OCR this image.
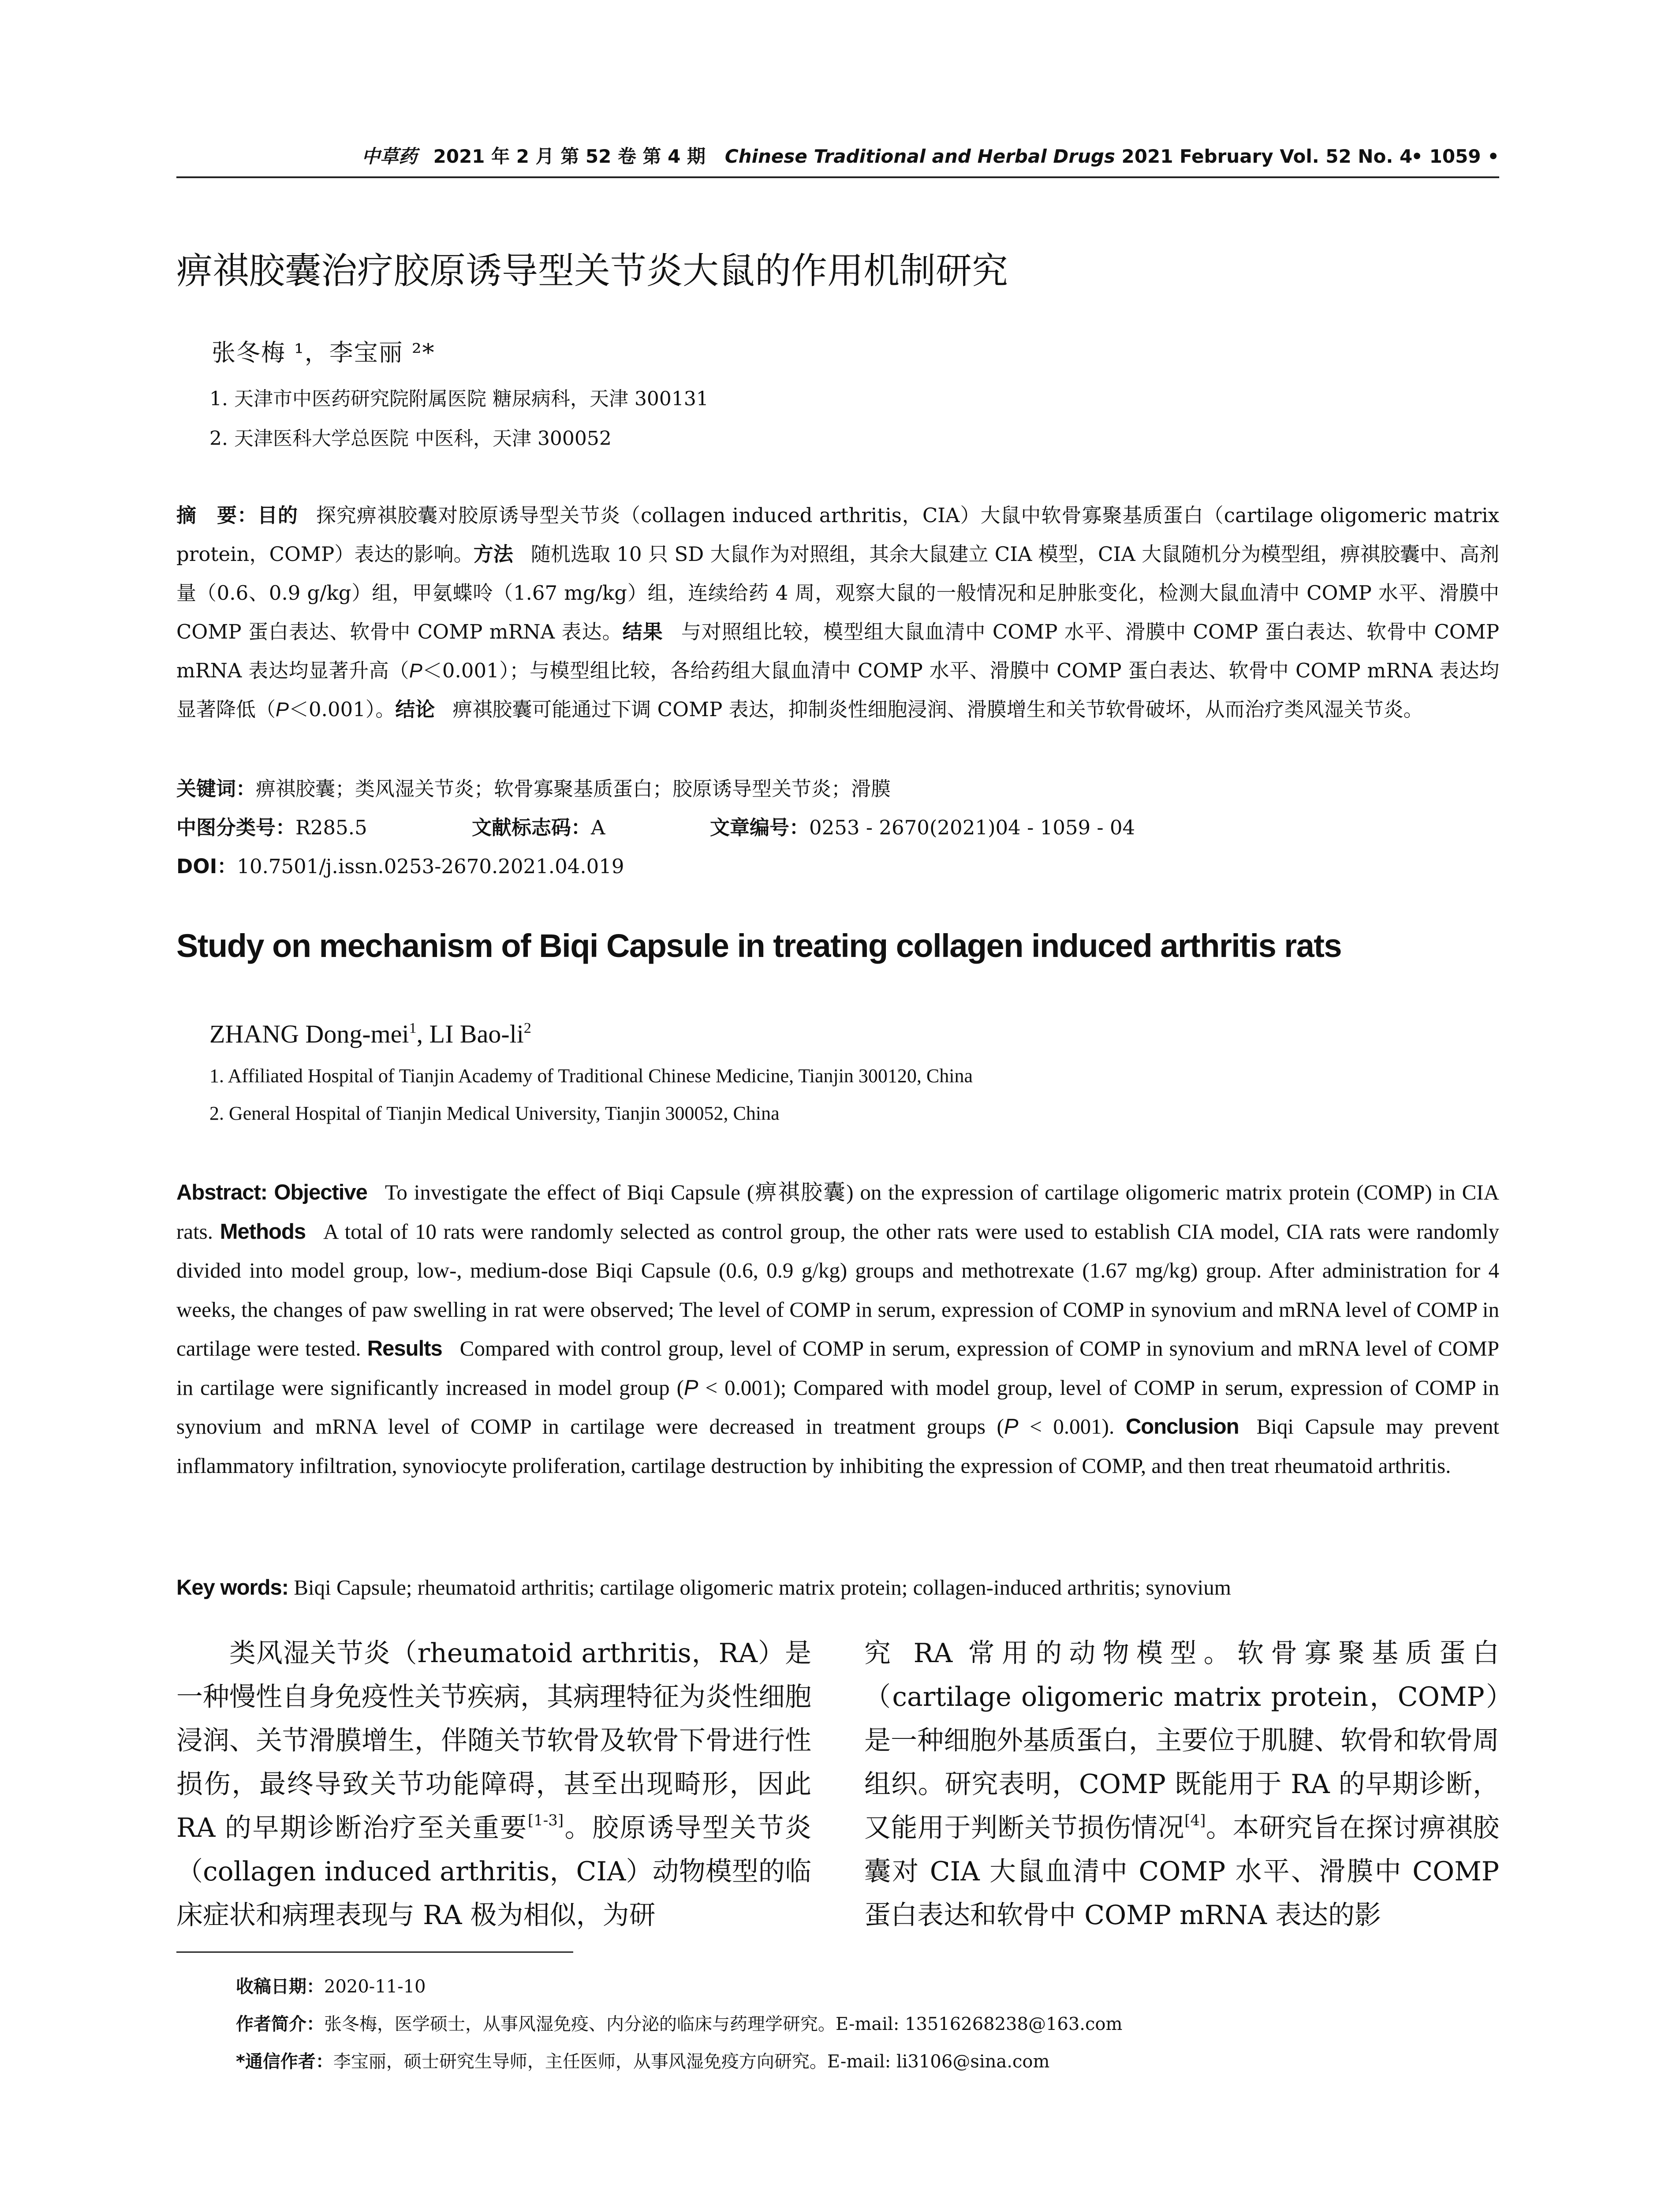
中草药 2021 年 2 月 第 52 卷 第 4 期 Chinese Traditional and Herbal Drugs 2021 February Vol. 52 No. 4
• 1059 •
痹祺胶囊治疗胶原诱导型关节炎大鼠的作用机制研究
张冬梅 ¹，李宝丽 ²*
1. 天津市中医药研究院附属医院 糖尿病科，天津 300131
2. 天津医科大学总医院 中医科，天津 300052
摘　要：目的 探究痹祺胶囊对胶原诱导型关节炎（collagen induced arthritis，CIA）大鼠中软骨寡聚基质蛋白（cartilage oligomeric matrix protein，COMP）表达的影响。方法 随机选取 10 只 SD 大鼠作为对照组，其余大鼠建立 CIA 模型，CIA 大鼠随机分为模型组，痹祺胶囊中、高剂量（0.6、0.9 g/kg）组，甲氨蝶呤（1.67 mg/kg）组，连续给药 4 周，观察大鼠的一般情况和足肿胀变化，检测大鼠血清中 COMP 水平、滑膜中 COMP 蛋白表达、软骨中 COMP mRNA 表达。结果 与对照组比较，模型组大鼠血清中 COMP 水平、滑膜中 COMP 蛋白表达、软骨中 COMP mRNA 表达均显著升高（P＜0.001）；与模型组比较，各给药组大鼠血清中 COMP 水平、滑膜中 COMP 蛋白表达、软骨中 COMP mRNA 表达均显著降低（P＜0.001）。结论 痹祺胶囊可能通过下调 COMP 表达，抑制炎性细胞浸润、滑膜增生和关节软骨破坏，从而治疗类风湿关节炎。
关键词：痹祺胶囊；类风湿关节炎；软骨寡聚基质蛋白；胶原诱导型关节炎；滑膜
中图分类号：R285.5	文献标志码：A	文章编号：0253 - 2670(2021)04 - 1059 - 04
DOI：10.7501/j.issn.0253-2670.2021.04.019
Study on mechanism of Biqi Capsule in treating collagen induced arthritis rats
ZHANG Dong-mei$^1$, LI Bao-$li^2$
1. Affiliated Hospital of Tianjin Academy of Traditional Chinese Medicine, Tianjin 300120, China
2. General Hospital of Tianjin Medical University, Tianjin 300052, China
Abstract: Objective To investigate the effect of Biqi Capsule (痹祺胶囊) on the expression of cartilage oligomeric matrix protein (COMP) in CIA rats. Methods A total of 10 rats were randomly selected as control group, the other rats were used to establish CIA model, CIA rats were randomly divided into model group, low-, medium-dose Biqi Capsule (0.6, 0.9 g/kg) groups and methotrexate (1.67 mg/kg) group. After administration for 4 weeks, the changes of paw swelling in rat were observed; The level of COMP in serum, expression of COMP in synovium and mRNA level of COMP in cartilage were tested. Results Compared with control group, level of COMP in serum, expression of COMP in synovium and mRNA level of COMP in cartilage were significantly increased in model group (P < 0.001); Compared with model group, level of COMP in serum, expression of COMP in synovium and mRNA level of COMP in cartilage were decreased in treatment groups (P < 0.001). Conclusion Biqi Capsule may prevent inflammatory infiltration, synoviocyte proliferation, cartilage destruction by inhibiting the expression of COMP, and then treat rheumatoid arthritis.
Key words: Biqi Capsule; rheumatoid arthritis; cartilage oligomeric matrix protein; collagen-induced arthritis; synovium

类风湿关节炎（rheumatoid arthritis，RA）是一种慢性自身免疫性关节疾病，其病理特征为炎性细胞浸润、关节滑膜增生，伴随关节软骨及软骨下骨进行性损伤，最终导致关节功能障碍，甚至出现畸形，因此 RA 的早期诊断治疗至关重要[1-3]。胶原诱导型关节炎（collagen induced arthritis，CIA）动物模型的临床症状和病理表现与 RA 极为相似，为研

究 RA 常用的动物模型。软骨寡聚基质蛋白（cartilage oligomeric matrix protein，COMP）是一种细胞外基质蛋白，主要位于肌腱、软骨和软骨周组织。研究表明，COMP 既能用于 RA 的早期诊断，又能用于判断关节损伤情况[4]。本研究旨在探讨痹祺胶囊对 CIA 大鼠血清中 COMP 水平、滑膜中 COMP 蛋白表达和软骨中 COMP mRNA 表达的影

收稿日期：2020-11-10
作者简介：张冬梅，医学硕士，从事风湿免疫、内分泌的临床与药理学研究。E-mail: 13516268238@163.com
*通信作者：李宝丽，硕士研究生导师，主任医师，从事风湿免疫方向研究。E-mail: li3106@sina.com
